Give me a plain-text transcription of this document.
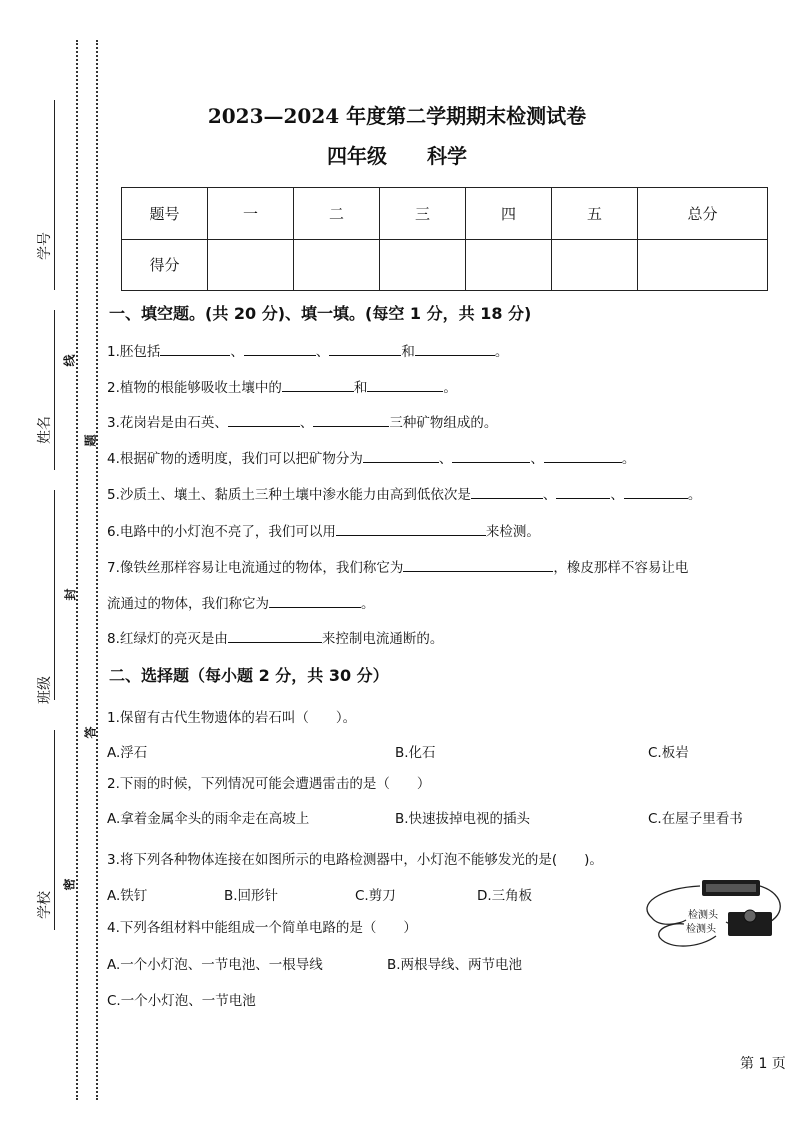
学号
姓名
班级
学校
线
题
封
答
密
2023—2024 年度第二学期期末检测试卷
四年级　　科学
题号	一	二	三	四	五	总分
得分						
一、填空题。(共 20 分)、填一填。(每空 1 分，共 18 分)
1.胚包括	、	、	和	。
2.植物的根能够吸收土壤中的	和	。
3.花岗岩是由石英、	、	三种矿物组成的。
4.根据矿物的透明度，我们可以把矿物分为	、	、	。
5.沙质土、壤土、黏质土三种土壤中渗水能力由高到低依次是	、	、	。
6.电路中的小灯泡不亮了，我们可以用	来检测。
7.像铁丝那样容易让电流通过的物体，我们称它为	，橡皮那样不容易让电
流通过的物体，我们称它为	。
8.红绿灯的亮灭是由	来控制电流通断的。
二、选择题（每小题 2 分，共 30 分）
1.保留有古代生物遗体的岩石叫（　　）。
A.浮石	B.化石	C.板岩
2.下雨的时候，下列情况可能会遭遇雷击的是（　　）
A.拿着金属伞头的雨伞走在高坡上	B.快速拔掉电视的插头	C.在屋子里看书
3.将下列各种物体连接在如图所示的电路检测器中，小灯泡不能够发光的是(　　)。
A.铁钉	B.回形针	C.剪刀	D.三角板
4.下列各组材料中能组成一个简单电路的是（　　）
A.一个小灯泡、一节电池、一根导线	B.两根导线、两节电池
C.一个小灯泡、一节电池
检测头
检测头
第 1 页
